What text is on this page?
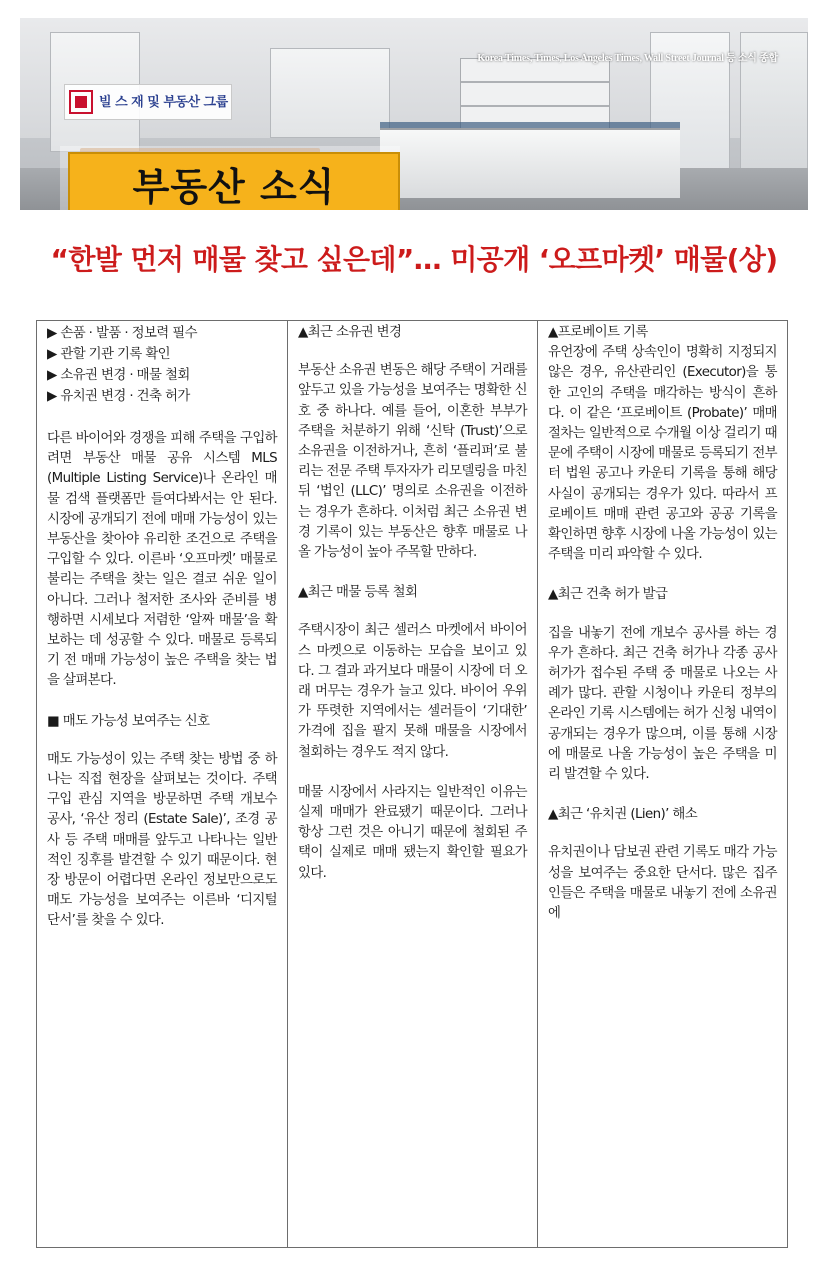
Korea Times, Times, Los Angeles Times, Wall Street Journal 등 소식 종합
빌 스 재 및 부동산 그룹
부동산 소식
“한발 먼저 매물 찾고 싶은데”… 미공개 ‘오프마켓’ 매물(상)
▶ 손품 · 발품 · 정보력 필수
▶ 관할 기관 기록 확인
▶ 소유권 변경 · 매물 철회
▶ 유치권 변경 · 건축 허가

다른 바이어와 경쟁을 피해 주택을 구입하려면 부동산 매물 공유 시스템 MLS (Multiple Listing Service)나 온라인 매물 검색 플랫폼만 들여다봐서는 안 된다. 시장에 공개되기 전에 매매 가능성이 있는 부동산을 찾아야 유리한 조건으로 주택을 구입할 수 있다. 이른바 ‘오프마켓’ 매물로 불리는 주택을 찾는 일은 결코 쉬운 일이 아니다. 그러나 철저한 조사와 준비를 병행하면 시세보다 저렴한 ‘알짜 매물’을 확보하는 데 성공할 수 있다. 매물로 등록되기 전 매매 가능성이 높은 주택을 찾는 법을 살펴본다.

■ 매도 가능성 보여주는 신호

매도 가능성이 있는 주택 찾는 방법 중 하나는 직접 현장을 살펴보는 것이다. 주택 구입 관심 지역을 방문하면 주택 개보수 공사, ‘유산 정리 (Estate Sale)’, 조경 공사 등 주택 매매를 앞두고 나타나는 일반적인 징후를 발견할 수 있기 때문이다. 현장 방문이 어렵다면 온라인 정보만으로도 매도 가능성을 보여주는 이른바 ‘디지털 단서’를 찾을 수 있다.

▲최근 소유권 변경

부동산 소유권 변동은 해당 주택이 거래를 앞두고 있을 가능성을 보여주는 명확한 신호 중 하나다. 예를 들어, 이혼한 부부가 주택을 처분하기 위해 ‘신탁 (Trust)’으로 소유권을 이전하거나, 흔히 ‘플리퍼’로 불리는 전문 주택 투자자가 리모델링을 마친 뒤 ‘법인 (LLC)’ 명의로 소유권을 이전하는 경우가 흔하다. 이처럼 최근 소유권 변경 기록이 있는 부동산은 향후 매물로 나올 가능성이 높아 주목할 만하다.

▲최근 매물 등록 철회

주택시장이 최근 셀러스 마켓에서 바이어스 마켓으로 이동하는 모습을 보이고 있다. 그 결과 과거보다 매물이 시장에 더 오래 머무는 경우가 늘고 있다. 바이어 우위가 뚜렷한 지역에서는 셀러들이 ‘기대한’ 가격에 집을 팔지 못해 매물을 시장에서 철회하는 경우도 적지 않다.

매물 시장에서 사라지는 일반적인 이유는 실제 매매가 완료됐기 때문이다. 그러나 항상 그런 것은 아니기 때문에 철회된 주택이 실제로 매매 됐는지 확인할 필요가 있다.

▲프로베이트 기록

유언장에 주택 상속인이 명확히 지정되지 않은 경우, 유산관리인 (Executor)을 통한 고인의 주택을 매각하는 방식이 흔하다. 이 같은 ‘프로베이트 (Probate)’ 매매 절차는 일반적으로 수개월 이상 걸리기 때문에 주택이 시장에 매물로 등록되기 전부터 법원 공고나 카운티 기록을 통해 해당 사실이 공개되는 경우가 있다. 따라서 프로베이트 매매 관련 공고와 공공 기록을 확인하면 향후 시장에 나올 가능성이 있는 주택을 미리 파악할 수 있다.

▲최근 건축 허가 발급

집을 내놓기 전에 개보수 공사를 하는 경우가 흔하다. 최근 건축 허가나 각종 공사 허가가 접수된 주택 중 매물로 나오는 사례가 많다. 관할 시청이나 카운티 정부의 온라인 기록 시스템에는 허가 신청 내역이 공개되는 경우가 많으며, 이를 통해 시장에 매물로 나올 가능성이 높은 주택을 미리 발견할 수 있다.

▲최근 ‘유치권 (Lien)’ 해소

유치권이나 담보권 관련 기록도 매각 가능성을 보여주는 중요한 단서다. 많은 집주인들은 주택을 매물로 내놓기 전에 소유권에
